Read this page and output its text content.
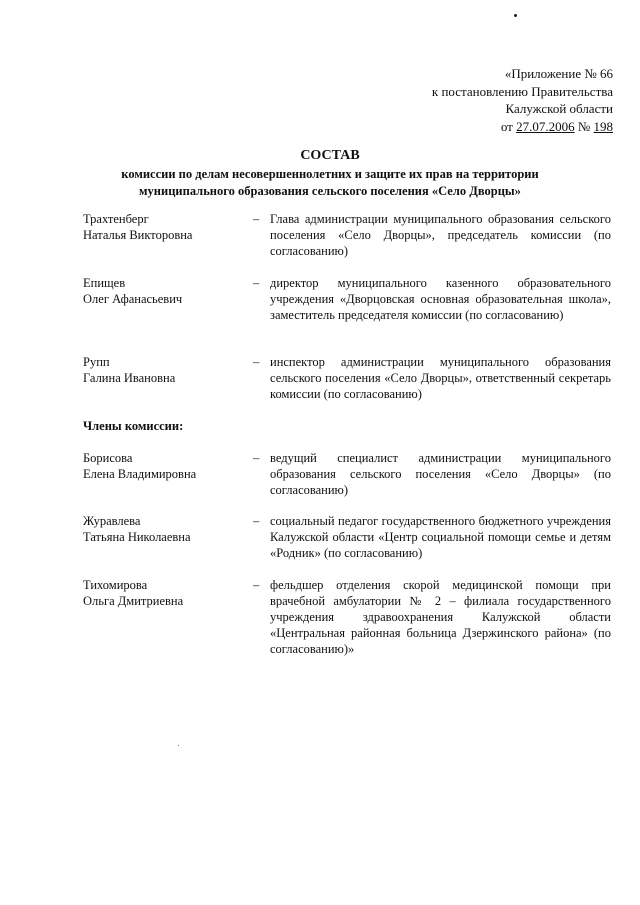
«Приложение № 66
к постановлению Правительства
Калужской области
от 27.07.2006 № 198
СОСТАВ
комиссии по делам несовершеннолетних и защите их прав на территории
муниципального образования сельского поселения «Село Дворцы»
Трахтенберг
Наталья Викторовна
– Глава администрации муниципального образования сельского поселения «Село Дворцы», председатель комиссии (по согласованию)
Епищев
Олег Афанасьевич
– директор муниципального казенного образовательного учреждения «Дворцовская основная образовательная школа», заместитель председателя комиссии (по согласованию)
Рупп
Галина Ивановна
– инспектор администрации муниципального образования сельского поселения «Село Дворцы», ответственный секретарь комиссии (по согласованию)
Члены комиссии:
Борисова
Елена Владимировна
– ведущий специалист администрации муниципального образования сельского поселения «Село Дворцы» (по согласованию)
Журавлева
Татьяна Николаевна
– социальный педагог государственного бюджетного учреждения Калужской области «Центр социальной помощи семье и детям «Родник» (по согласованию)
Тихомирова
Ольга Дмитриевна
– фельдшер отделения скорой медицинской помощи при врачебной амбулатории № 2 – филиала государственного учреждения здравоохранения Калужской области «Центральная районная больница Дзержинского района» (по согласованию)»
